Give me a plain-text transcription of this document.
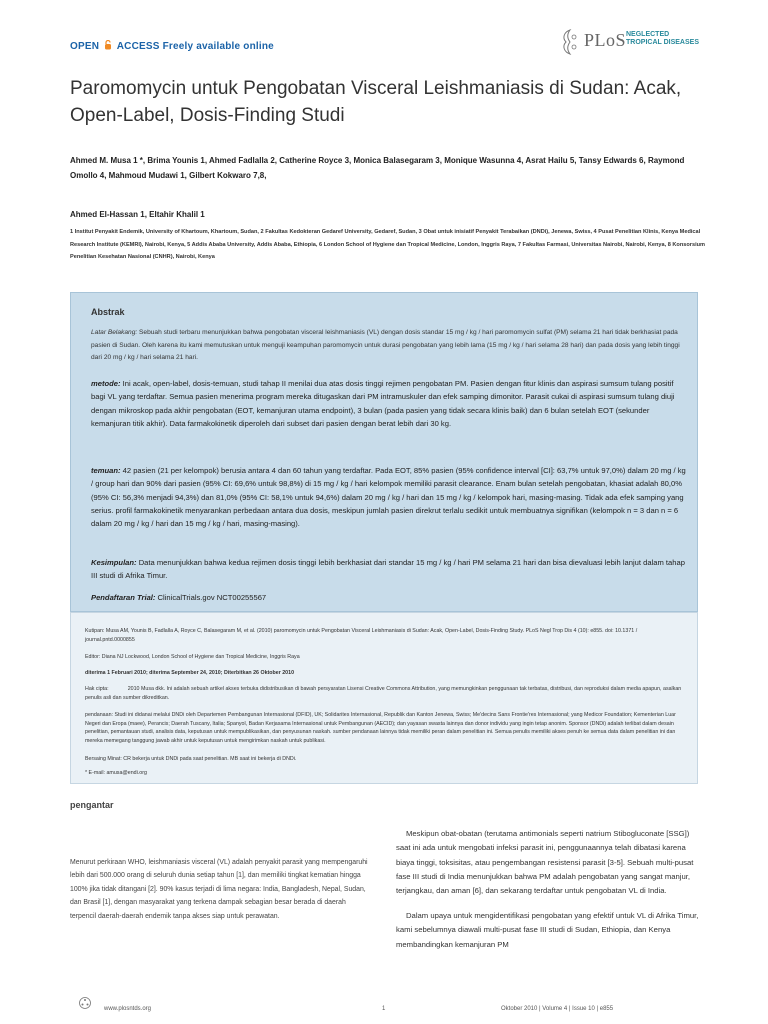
OPEN ACCESS Freely available online	PLoS NEGLECTED
TROPICAL DISEASES
Paromomycin untuk Pengobatan Visceral Leishmaniasis di Sudan: Acak, Open-Label, Dosis-Finding Studi
Ahmed M. Musa 1 *, Brima Younis 1, Ahmed Fadlalla 2, Catherine Royce 3, Monica Balasegaram 3, Monique Wasunna 4, Asrat Hailu 5, Tansy Edwards 6, Raymond Omollo 4, Mahmoud Mudawi 1, Gilbert Kokwaro 7,8,
Ahmed El-Hassan 1, Eltahir Khalil 1
1 Institut Penyakit Endemik, University of Khartoum, Khartoum, Sudan, 2 Fakultas Kedokteran Gedaref University, Gedaref, Sudan, 3 Obat untuk inisiatif Penyakit Terabaikan (DNDi), Jenewa, Swiss, 4 Pusat Penelitian Klinis, Kenya Medical Research Institute (KEMRI), Nairobi, Kenya, 5 Addis Ababa University, Addis Ababa, Ethiopia, 6 London School of Hygiene dan Tropical Medicine, London, Inggris Raya, 7 Fakultas Farmasi, Universitas Nairobi, Nairobi, Kenya, 8 Konsorsium Penelitian Kesehatan Nasional (CNHR), Nairobi, Kenya
Abstrak
Latar Belakang: Sebuah studi terbaru menunjukkan bahwa pengobatan visceral leishmaniasis (VL) dengan dosis standar 15 mg / kg / hari paromomycin sulfat (PM) selama 21 hari tidak berkhasiat pada pasien di Sudan. Oleh karena itu kami memutuskan untuk menguji keampuhan paromomycin untuk durasi pengobatan yang lebih lama (15 mg / kg / hari selama 28 hari) dan pada dosis yang lebih tinggi dari 20 mg / kg / hari selama 21 hari.
metode: Ini acak, open-label, dosis-temuan, studi tahap II menilai dua atas dosis tinggi rejimen pengobatan PM. Pasien dengan fitur klinis dan aspirasi sumsum tulang positif bagi VL yang terdaftar. Semua pasien menerima program mereka ditugaskan dari PM intramuskuler dan efek samping dimonitor. Parasit cukai di aspirasi sumsum tulang diuji dengan mikroskop pada akhir pengobatan (EOT, kemanjuran utama endpoint), 3 bulan (pada pasien yang tidak secara klinis baik) dan 6 bulan setelah EOT (sekunder kemanjuran titik akhir). Data farmakokinetik diperoleh dari subset dari pasien dengan berat lebih dari 30 kg.
temuan: 42 pasien (21 per kelompok) berusia antara 4 dan 60 tahun yang terdaftar. Pada EOT, 85% pasien (95% confidence interval [CI]: 63,7% untuk 97,0%) dalam 20 mg / kg / group hari dan 90% dari pasien (95% CI: 69,6% untuk 98,8%) di 15 mg / kg / hari kelompok memiliki parasit clearance. Enam bulan setelah pengobatan, khasiat adalah 80,0% (95% CI: 56,3% menjadi 94,3%) dan 81,0% (95% CI: 58,1% untuk 94,6%) dalam 20 mg / kg / hari dan 15 mg / kg / kelompok hari, masing-masing. Tidak ada efek samping yang serius. profil farmakokinetik menyarankan perbedaan antara dua dosis, meskipun jumlah pasien direkrut terlalu sedikit untuk membuatnya signifikan (kelompok n = 3 dan n = 6 dalam 20 mg / kg / hari dan 15 mg / kg / hari, masing-masing).
Kesimpulan: Data menunjukkan bahwa kedua rejimen dosis tinggi lebih berkhasiat dari standar 15 mg / kg / hari PM selama 21 hari dan bisa dievaluasi lebih lanjut dalam tahap III studi di Afrika Timur.
Pendaftaran Trial: ClinicalTrials.gov NCT00255567
Kutipan: Musa AM, Younis B, Fadlalla A, Royce C, Balasegaram M, et al. (2010) paromomycin untuk Pengobatan Visceral Leishmaniasis di Sudan: Acak, Open-Label, Dosis-Finding Study. PLoS Negl Trop Dis 4 (10): e855. doi: 10.1371 / journal.pntd.0000855
Editor: Diana NJ Lockwood, London School of Hygiene dan Tropical Medicine, Inggris Raya
diterima 1 Februari 2010; diterima September 24, 2010; Diterbitkan 26 Oktober 2010
Hak cipta:	2010 Musa dkk. Ini adalah sebuah artikel akses terbuka didistribusikan di bawah persyaratan Lisensi Creative Commons Attribution, yang memungkinkan penggunaan tak terbatas, distribusi, dan reproduksi dalam media apapun, asalkan penulis asli dan sumber dikreditkan.
pendanaan: Studi ini didanai melalui DNDi oleh Departemen Pembangunan Internasional (DFID), UK; Solidarites Internasional, Republik dan Kanton Jenewa, Swiss; Me'decins Sans Frontie'res Internasional; yang Medicor Foundation; Kementerian Luar Negeri dan Eropa (maee), Perancis; Daerah Tuscany, Italia; Spanyol, Badan Kerjasama Internasional untuk Pembangunan (AECID); dan yayasan swasta lainnya dan donor individu yang ingin tetap anonim. Sponsor (DNDi) adalah terlibat dalam desain penelitian, pemantauan studi, analisis data, keputusan untuk mempublikasikan, dan penyusunan naskah. sumber pendanaan lainnya tidak memiliki peran dalam penelitian ini. Semua penulis memiliki akses penuh ke semua data dalam penelitian ini dan mereka memegang tanggung jawab akhir untuk keputusan untuk mengirimkan naskah untuk publikasi.
Bersaing Minat: CR bekerja untuk DNDi pada saat penelitian. MB saat ini bekerja di DNDi.
* E-mail: amusa@endi.org
pengantar
Menurut perkiraan WHO, leishmaniasis visceral (VL) adalah penyakit parasit yang mempengaruhi lebih dari 500.000 orang di seluruh dunia setiap tahun [1], dan memiliki tingkat kematian hingga 100% jika tidak ditangani [2]. 90% kasus terjadi di lima negara: India, Bangladesh, Nepal, Sudan, dan Brasil [1], dengan masyarakat yang terkena dampak sebagian besar berada di daerah terpencil daerah-daerah endemik tanpa akses siap untuk perawatan.
Meskipun obat-obatan (terutama antimonials seperti natrium Stibogluconate [SSG]) saat ini ada untuk mengobati infeksi parasit ini, penggunaannya telah dibatasi karena biaya tinggi, toksisitas, atau pengembangan resistensi parasit [3-5]. Sebuah multi-pusat fase III studi di India menunjukkan bahwa PM adalah pengobatan yang sangat manjur, terjangkau, dan aman [6], dan sekarang terdaftar untuk pengobatan VL di India.
Dalam upaya untuk mengidentifikasi pengobatan yang efektif untuk VL di Afrika Timur, kami sebelumnya diawali multi-pusat fase III studi di Sudan, Ethiopia, dan Kenya membandingkan kemanjuran PM
www.plosntds.org	1	Oktober 2010 | Volume 4 | Issue 10 | e855
